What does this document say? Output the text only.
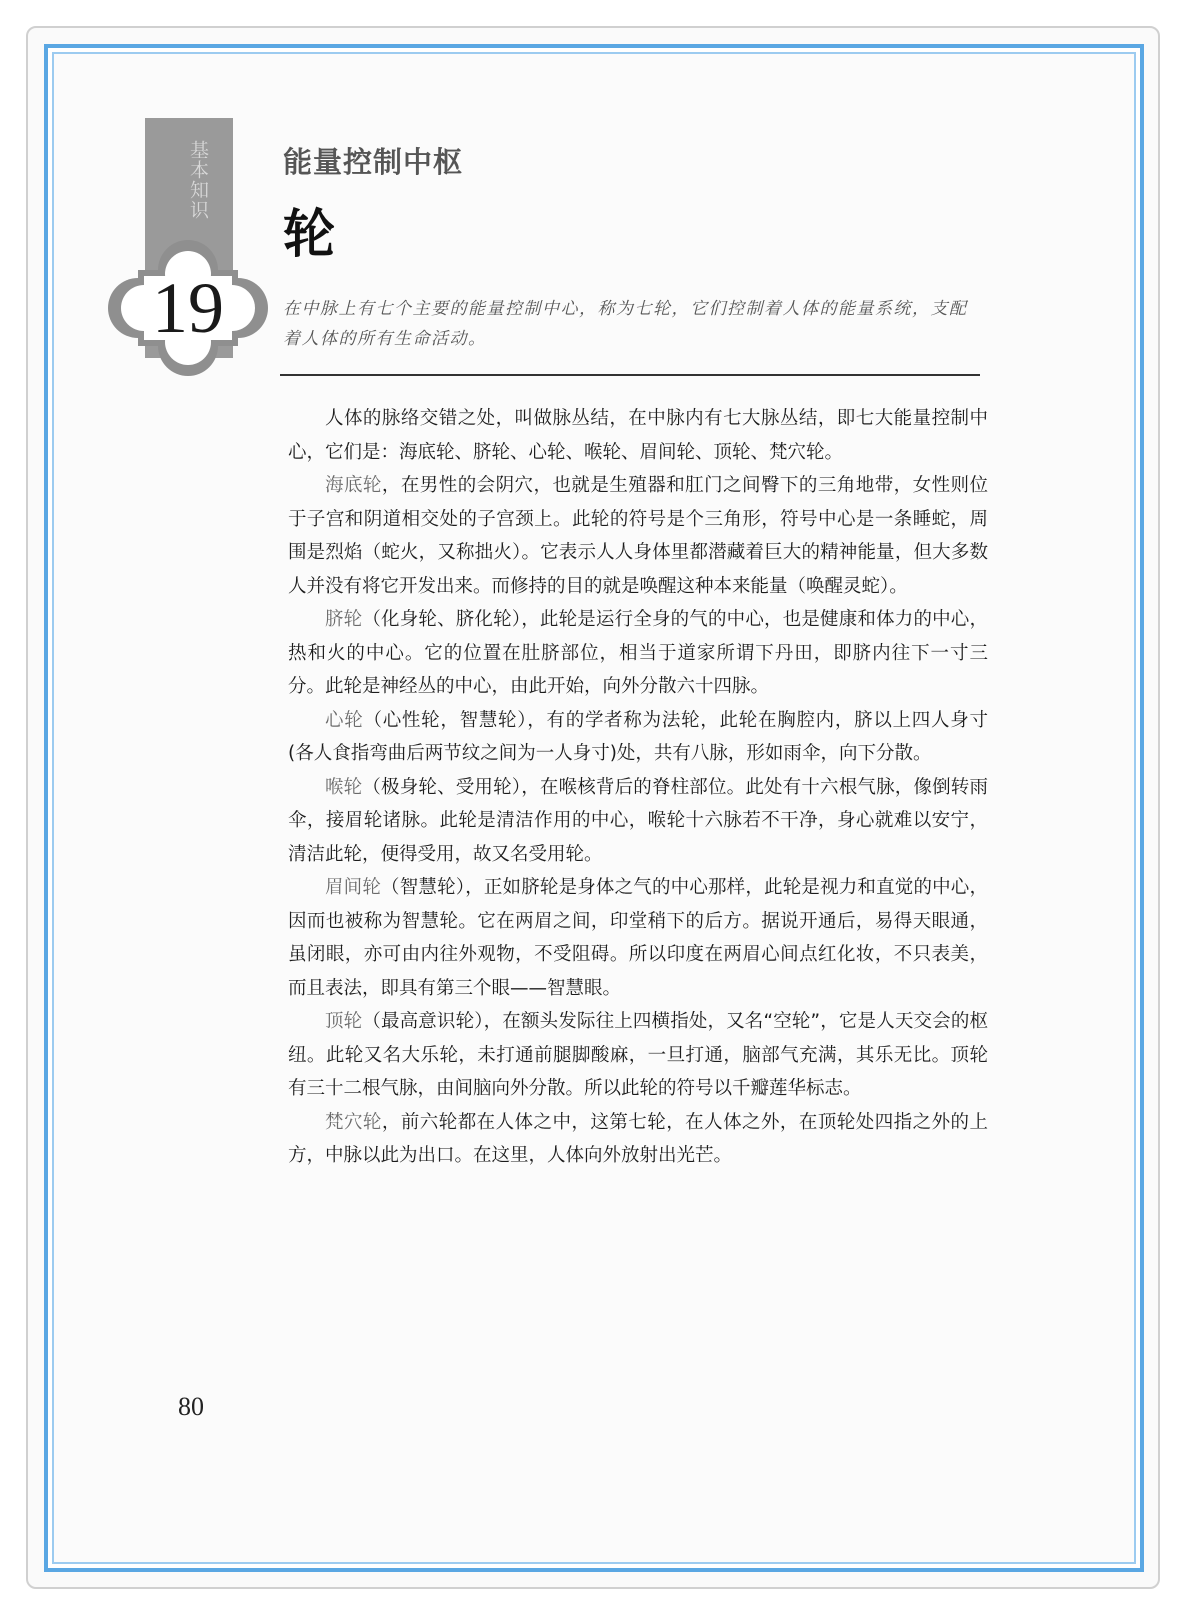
基本知识
19
能量控制中枢
轮
在中脉上有七个主要的能量控制中心，称为七轮，它们控制着人体的能量系统，支配着人体的所有生命活动。

人体的脉络交错之处，叫做脉丛结，在中脉内有七大脉丛结，即七大能量控制中心，它们是：海底轮、脐轮、心轮、喉轮、眉间轮、顶轮、梵穴轮。

海底轮，在男性的会阴穴，也就是生殖器和肛门之间臀下的三角地带，女性则位于子宫和阴道相交处的子宫颈上。此轮的符号是个三角形，符号中心是一条睡蛇，周围是烈焰（蛇火，又称拙火）。它表示人人身体里都潜藏着巨大的精神能量，但大多数人并没有将它开发出来。而修持的目的就是唤醒这种本来能量（唤醒灵蛇）。

脐轮（化身轮、脐化轮），此轮是运行全身的气的中心，也是健康和体力的中心，热和火的中心。它的位置在肚脐部位，相当于道家所谓下丹田，即脐内往下一寸三分。此轮是神经丛的中心，由此开始，向外分散六十四脉。

心轮（心性轮，智慧轮），有的学者称为法轮，此轮在胸腔内，脐以上四人身寸(各人食指弯曲后两节纹之间为一人身寸)处，共有八脉，形如雨伞，向下分散。

喉轮（极身轮、受用轮），在喉核背后的脊柱部位。此处有十六根气脉，像倒转雨伞，接眉轮诸脉。此轮是清洁作用的中心，喉轮十六脉若不干净，身心就难以安宁，清洁此轮，便得受用，故又名受用轮。

眉间轮（智慧轮），正如脐轮是身体之气的中心那样，此轮是视力和直觉的中心，因而也被称为智慧轮。它在两眉之间，印堂稍下的后方。据说开通后，易得天眼通，虽闭眼，亦可由内往外观物，不受阻碍。所以印度在两眉心间点红化妆，不只表美，而且表法，即具有第三个眼——智慧眼。

顶轮（最高意识轮），在额头发际往上四横指处，又名“空轮”，它是人天交会的枢纽。此轮又名大乐轮，未打通前腿脚酸麻，一旦打通，脑部气充满，其乐无比。顶轮有三十二根气脉，由间脑向外分散。所以此轮的符号以千瓣莲华标志。

梵穴轮，前六轮都在人体之中，这第七轮，在人体之外，在顶轮处四指之外的上方，中脉以此为出口。在这里，人体向外放射出光芒。

80
